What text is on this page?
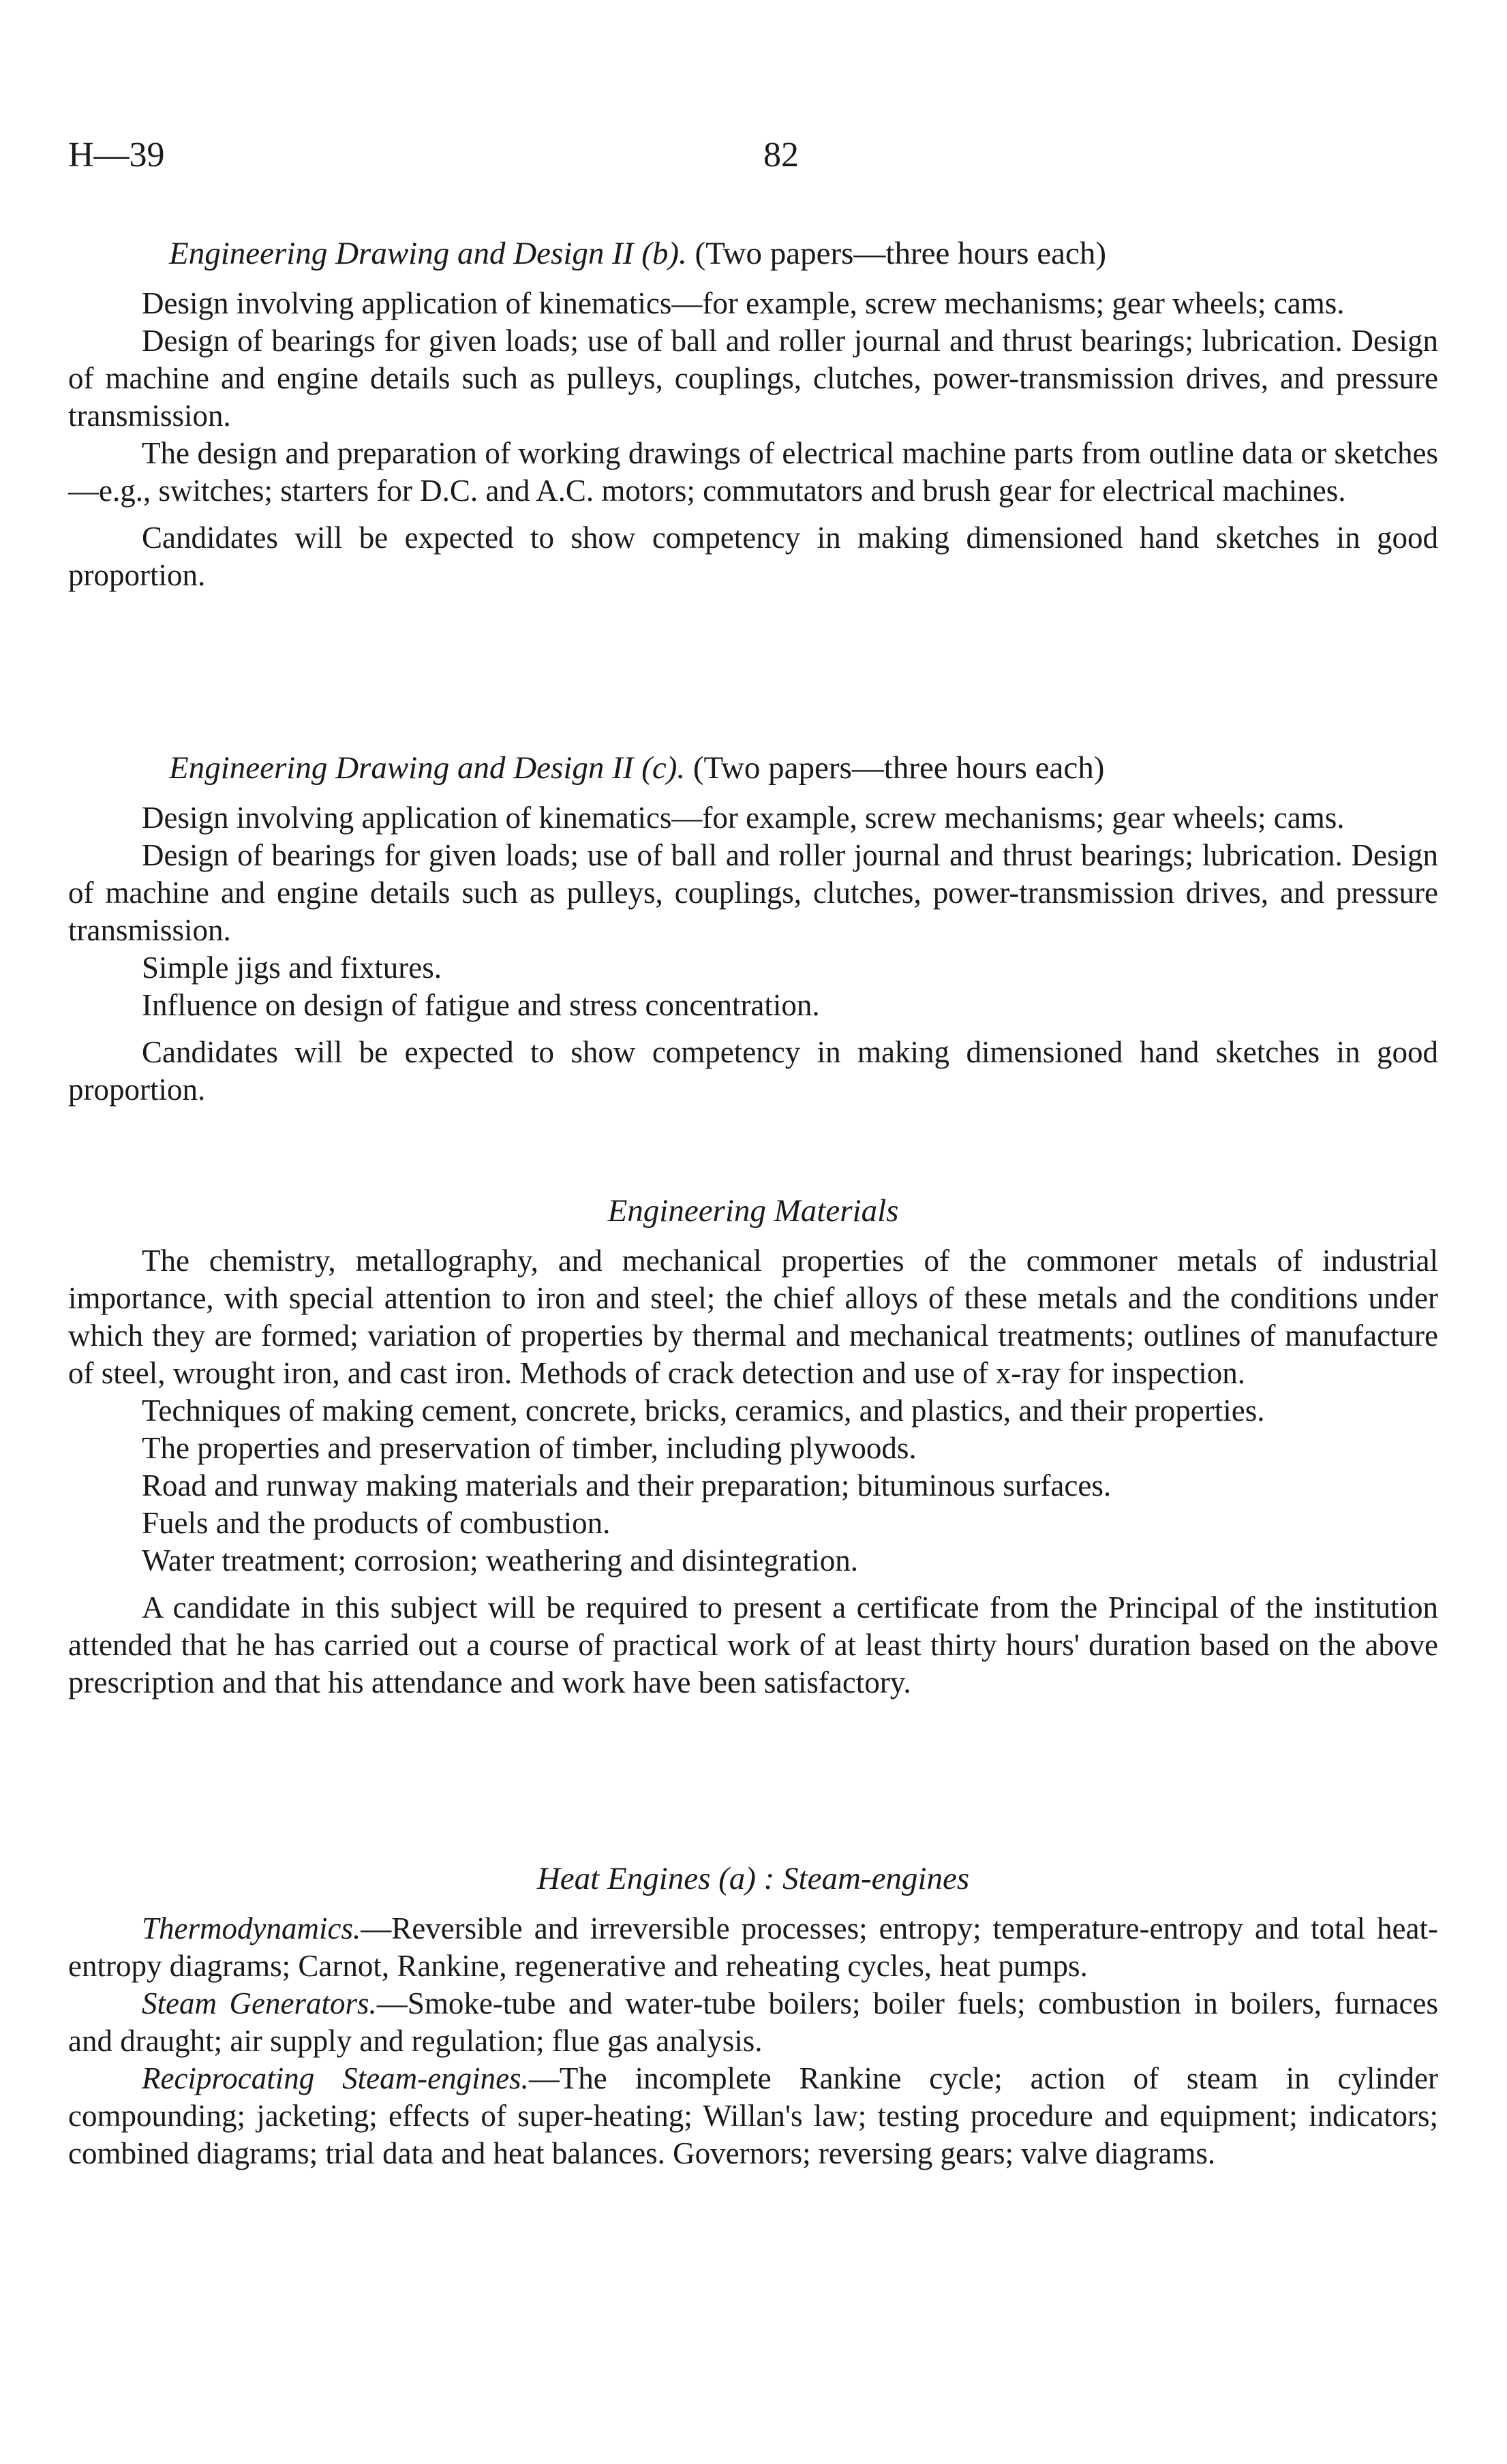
H—39	82
Engineering Drawing and Design II (b). (Two papers—three hours each)

Design involving application of kinematics—for example, screw mechanisms; gear wheels; cams.

Design of bearings for given loads; use of ball and roller journal and thrust bearings; lubrication. Design of machine and engine details such as pulleys, couplings, clutches, power-transmission drives, and pressure transmission.

The design and preparation of working drawings of electrical machine parts from outline data or sketches—e.g., switches; starters for D.C. and A.C. motors; commutators and brush gear for electrical machines.

Candidates will be expected to show competency in making dimensioned hand sketches in good proportion.

Engineering Drawing and Design II (c). (Two papers—three hours each)

Design involving application of kinematics—for example, screw mechanisms; gear wheels; cams.

Design of bearings for given loads; use of ball and roller journal and thrust bearings; lubrication. Design of machine and engine details such as pulleys, couplings, clutches, power-transmission drives, and pressure transmission.

Simple jigs and fixtures.

Influence on design of fatigue and stress concentration.

Candidates will be expected to show competency in making dimensioned hand sketches in good proportion.

Engineering Materials

The chemistry, metallography, and mechanical properties of the commoner metals of industrial importance, with special attention to iron and steel; the chief alloys of these metals and the conditions under which they are formed; variation of properties by thermal and mechanical treatments; outlines of manufacture of steel, wrought iron, and cast iron. Methods of crack detection and use of x-ray for inspection.

Techniques of making cement, concrete, bricks, ceramics, and plastics, and their properties.

The properties and preservation of timber, including plywoods.

Road and runway making materials and their preparation; bituminous surfaces.

Fuels and the products of combustion.

Water treatment; corrosion; weathering and disintegration.

A candidate in this subject will be required to present a certificate from the Principal of the institution attended that he has carried out a course of practical work of at least thirty hours' duration based on the above prescription and that his attendance and work have been satisfactory.

Heat Engines (a) : Steam-engines

Thermodynamics.—Reversible and irreversible processes; entropy; temperature-entropy and total heat-entropy diagrams; Carnot, Rankine, regenerative and reheating cycles, heat pumps.

Steam Generators.—Smoke-tube and water-tube boilers; boiler fuels; combustion in boilers, furnaces and draught; air supply and regulation; flue gas analysis.

Reciprocating Steam-engines.—The incomplete Rankine cycle; action of steam in cylinder compounding; jacketing; effects of super-heating; Willan's law; testing procedure and equipment; indicators; combined diagrams; trial data and heat balances. Governors; reversing gears; valve diagrams.
